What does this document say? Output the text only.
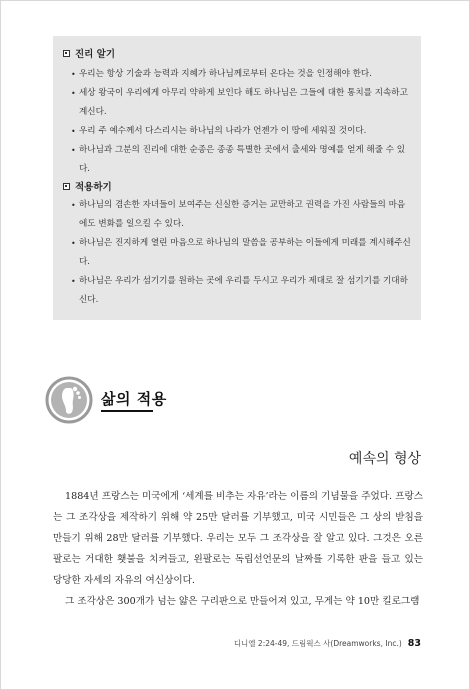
진리 알기
• 우리는 항상 기술과 능력과 지혜가 하나님께로부터 온다는 것을 인정해야 한다.
• 세상 왕국이 우리에게 아무리 약하게 보인다 해도 하나님은 그들에 대한 통치를 지속하고 계신다.
• 우리 주 예수께서 다스리시는 하나님의 나라가 언젠가 이 땅에 세워질 것이다.
• 하나님과 그분의 진리에 대한 순종은 종종 특별한 곳에서 출세와 명예를 얻게 해줄 수 있다.
적용하기
• 하나님의 겸손한 자녀들이 보여주는 신실한 증거는 교만하고 권력을 가진 사람들의 마음에도 변화를 일으킬 수 있다.
• 하나님은 진지하게 열린 마음으로 하나님의 말씀을 공부하는 이들에게 미래를 계시해주신다.
• 하나님은 우리가 섬기기를 원하는 곳에 우리를 두시고 우리가 제대로 잘 섬기기를 기대하신다.
삶의 적용
예속의 형상

1884년 프랑스는 미국에게 ‘세계를 비추는 자유’라는 이름의 기념물을 주었다. 프랑스는 그 조각상을 제작하기 위해 약 25만 달러를 기부했고, 미국 시민들은 그 상의 받침을 만들기 위해 28만 달러를 기부했다. 우리는 모두 그 조각상을 잘 알고 있다. 그것은 오른팔로는 거대한 횃불을 치켜들고, 왼팔로는 독립선언문의 날짜를 기록한 판을 들고 있는 당당한 자세의 자유의 여신상이다.

그 조각상은 300개가 넘는 얇은 구리판으로 만들어져 있고, 무게는 약 10만 킬로그램

디니엘 2:24-49, 드림웍스 사(Dreamworks, Inc.) 83
